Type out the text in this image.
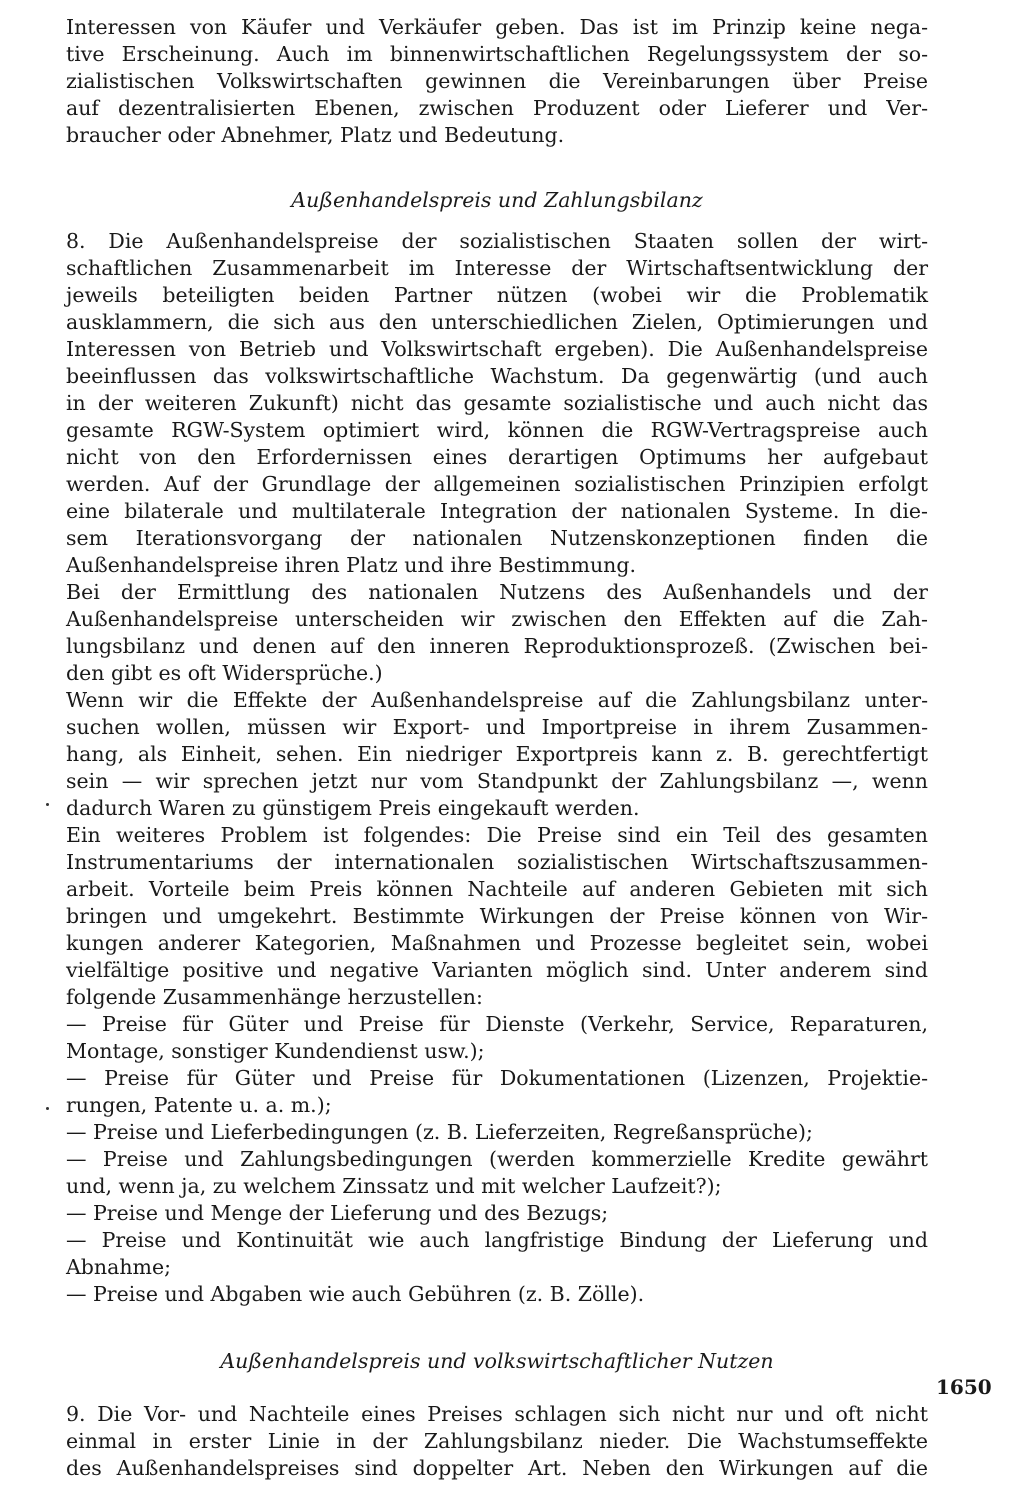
Interessen von Käufer und Verkäufer geben. Das ist im Prinzip keine nega-
tive Erscheinung. Auch im binnenwirtschaftlichen Regelungssystem der so-
zialistischen Volkswirtschaften gewinnen die Vereinbarungen über Preise
auf dezentralisierten Ebenen, zwischen Produzent oder Lieferer und Ver-
braucher oder Abnehmer, Platz und Bedeutung.
Außenhandelspreis und Zahlungsbilanz
8. Die Außenhandelspreise der sozialistischen Staaten sollen der wirt-
schaftlichen Zusammenarbeit im Interesse der Wirtschaftsentwicklung der
jeweils beteiligten beiden Partner nützen (wobei wir die Problematik
ausklammern, die sich aus den unterschiedlichen Zielen, Optimierungen und
Interessen von Betrieb und Volkswirtschaft ergeben). Die Außenhandelspreise
beeinflussen das volkswirtschaftliche Wachstum. Da gegenwärtig (und auch
in der weiteren Zukunft) nicht das gesamte sozialistische und auch nicht das
gesamte RGW-System optimiert wird, können die RGW-Vertragspreise auch
nicht von den Erfordernissen eines derartigen Optimums her aufgebaut
werden. Auf der Grundlage der allgemeinen sozialistischen Prinzipien erfolgt
eine bilaterale und multilaterale Integration der nationalen Systeme. In die-
sem Iterationsvorgang der nationalen Nutzenskonzeptionen finden die
Außenhandelspreise ihren Platz und ihre Bestimmung.
Bei der Ermittlung des nationalen Nutzens des Außenhandels und der
Außenhandelspreise unterscheiden wir zwischen den Effekten auf die Zah-
lungsbilanz und denen auf den inneren Reproduktionsprozeß. (Zwischen bei-
den gibt es oft Widersprüche.)
Wenn wir die Effekte der Außenhandelspreise auf die Zahlungsbilanz unter-
suchen wollen, müssen wir Export- und Importpreise in ihrem Zusammen-
hang, als Einheit, sehen. Ein niedriger Exportpreis kann z. B. gerechtfertigt
sein — wir sprechen jetzt nur vom Standpunkt der Zahlungsbilanz —, wenn
dadurch Waren zu günstigem Preis eingekauft werden.
Ein weiteres Problem ist folgendes: Die Preise sind ein Teil des gesamten
Instrumentariums der internationalen sozialistischen Wirtschaftszusammen-
arbeit. Vorteile beim Preis können Nachteile auf anderen Gebieten mit sich
bringen und umgekehrt. Bestimmte Wirkungen der Preise können von Wir-
kungen anderer Kategorien, Maßnahmen und Prozesse begleitet sein, wobei
vielfältige positive und negative Varianten möglich sind. Unter anderem sind
folgende Zusammenhänge herzustellen:
— Preise für Güter und Preise für Dienste (Verkehr, Service, Reparaturen,
Montage, sonstiger Kundendienst usw.);
— Preise für Güter und Preise für Dokumentationen (Lizenzen, Projektie-
rungen, Patente u. a. m.);
— Preise und Lieferbedingungen (z. B. Lieferzeiten, Regreßansprüche);
— Preise und Zahlungsbedingungen (werden kommerzielle Kredite gewährt
und, wenn ja, zu welchem Zinssatz und mit welcher Laufzeit?);
— Preise und Menge der Lieferung und des Bezugs;
— Preise und Kontinuität wie auch langfristige Bindung der Lieferung und
Abnahme;
— Preise und Abgaben wie auch Gebühren (z. B. Zölle).
Außenhandelspreis und volkswirtschaftlicher Nutzen
9. Die Vor- und Nachteile eines Preises schlagen sich nicht nur und oft nicht
einmal in erster Linie in der Zahlungsbilanz nieder. Die Wachstumseffekte
des Außenhandelspreises sind doppelter Art. Neben den Wirkungen auf die
1650
